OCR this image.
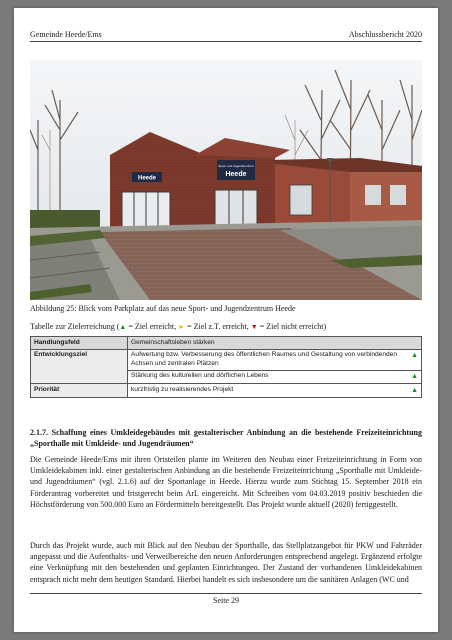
Gemeinde Heede/Ems	Abschlussbericht 2020
Heede
Sport- und Jugendzentrum
Heede
Abbildung 25: Blick vom Parkplatz auf das neue Sport- und Jugendzentrum Heede
Tabelle zur Zielerreichung (▲ = Ziel erreicht, ► = Ziel z.T. erreicht, ▼ = Ziel nicht erreicht)
Handlungsfeld	Gemeinschaftsleben stärken
Entwicklungsziel	Aufwertung bzw. Verbesserung des öffentlichen Raumes und Gestaltung von verbindenden Achsen und zentralen Plätzen
▲
Stärkung des kulturellen und dörflichen Lebens ▲

Priorität	kurzfristig zu realisierendes Projekt ▲

2.1.7. Schaffung eines Umkleidegebäudes mit gestalterischer Anbindung an die bestehende Freizeiteinrichtung „Sporthalle mit Umkleide- und Jugendräumen“

Die Gemeinde Heede/Ems mit ihren Ortsteilen plante im Weiteren den Neubau einer Freizeiteinrichtung in Form von Umkleidekabinen inkl. einer gestalterischen Anbindung an die bestehende Freizeiteinrichtung „Sporthalle mit Umkleide- und Jugendräumen“ (vgl. 2.1.6) auf der Sportanlage in Heede. Hierzu wurde zum Stichtag 15. September 2018 ein Förderantrag vorbereitet und fristgerecht beim ArL eingereicht. Mit Schreiben vom 04.03.2019 positiv beschieden die Höchstförderung von 500.000 Euro an Fördermitteln bereitgestellt. Das Projekt wurde aktuell (2020) fertiggestellt.

Durch das Projekt wurde, auch mit Blick auf den Neubau der Sporthalle, das Stellplatzangebot für PKW und Fahrräder angepasst und die Aufenthalts- und Verweilbereiche den neuen Anforderungen entsprechend angelegt. Ergänzend erfolgte eine Verknüpfung mit den bestehenden und geplanten Einrichtungen. Der Zustand der vorhandenen Umkleidekabinen entsprach nicht mehr dem heutigen Standard. Hierbei handelt es sich insbesondere um die sanitären Anlagen (WC und

Seite 29
